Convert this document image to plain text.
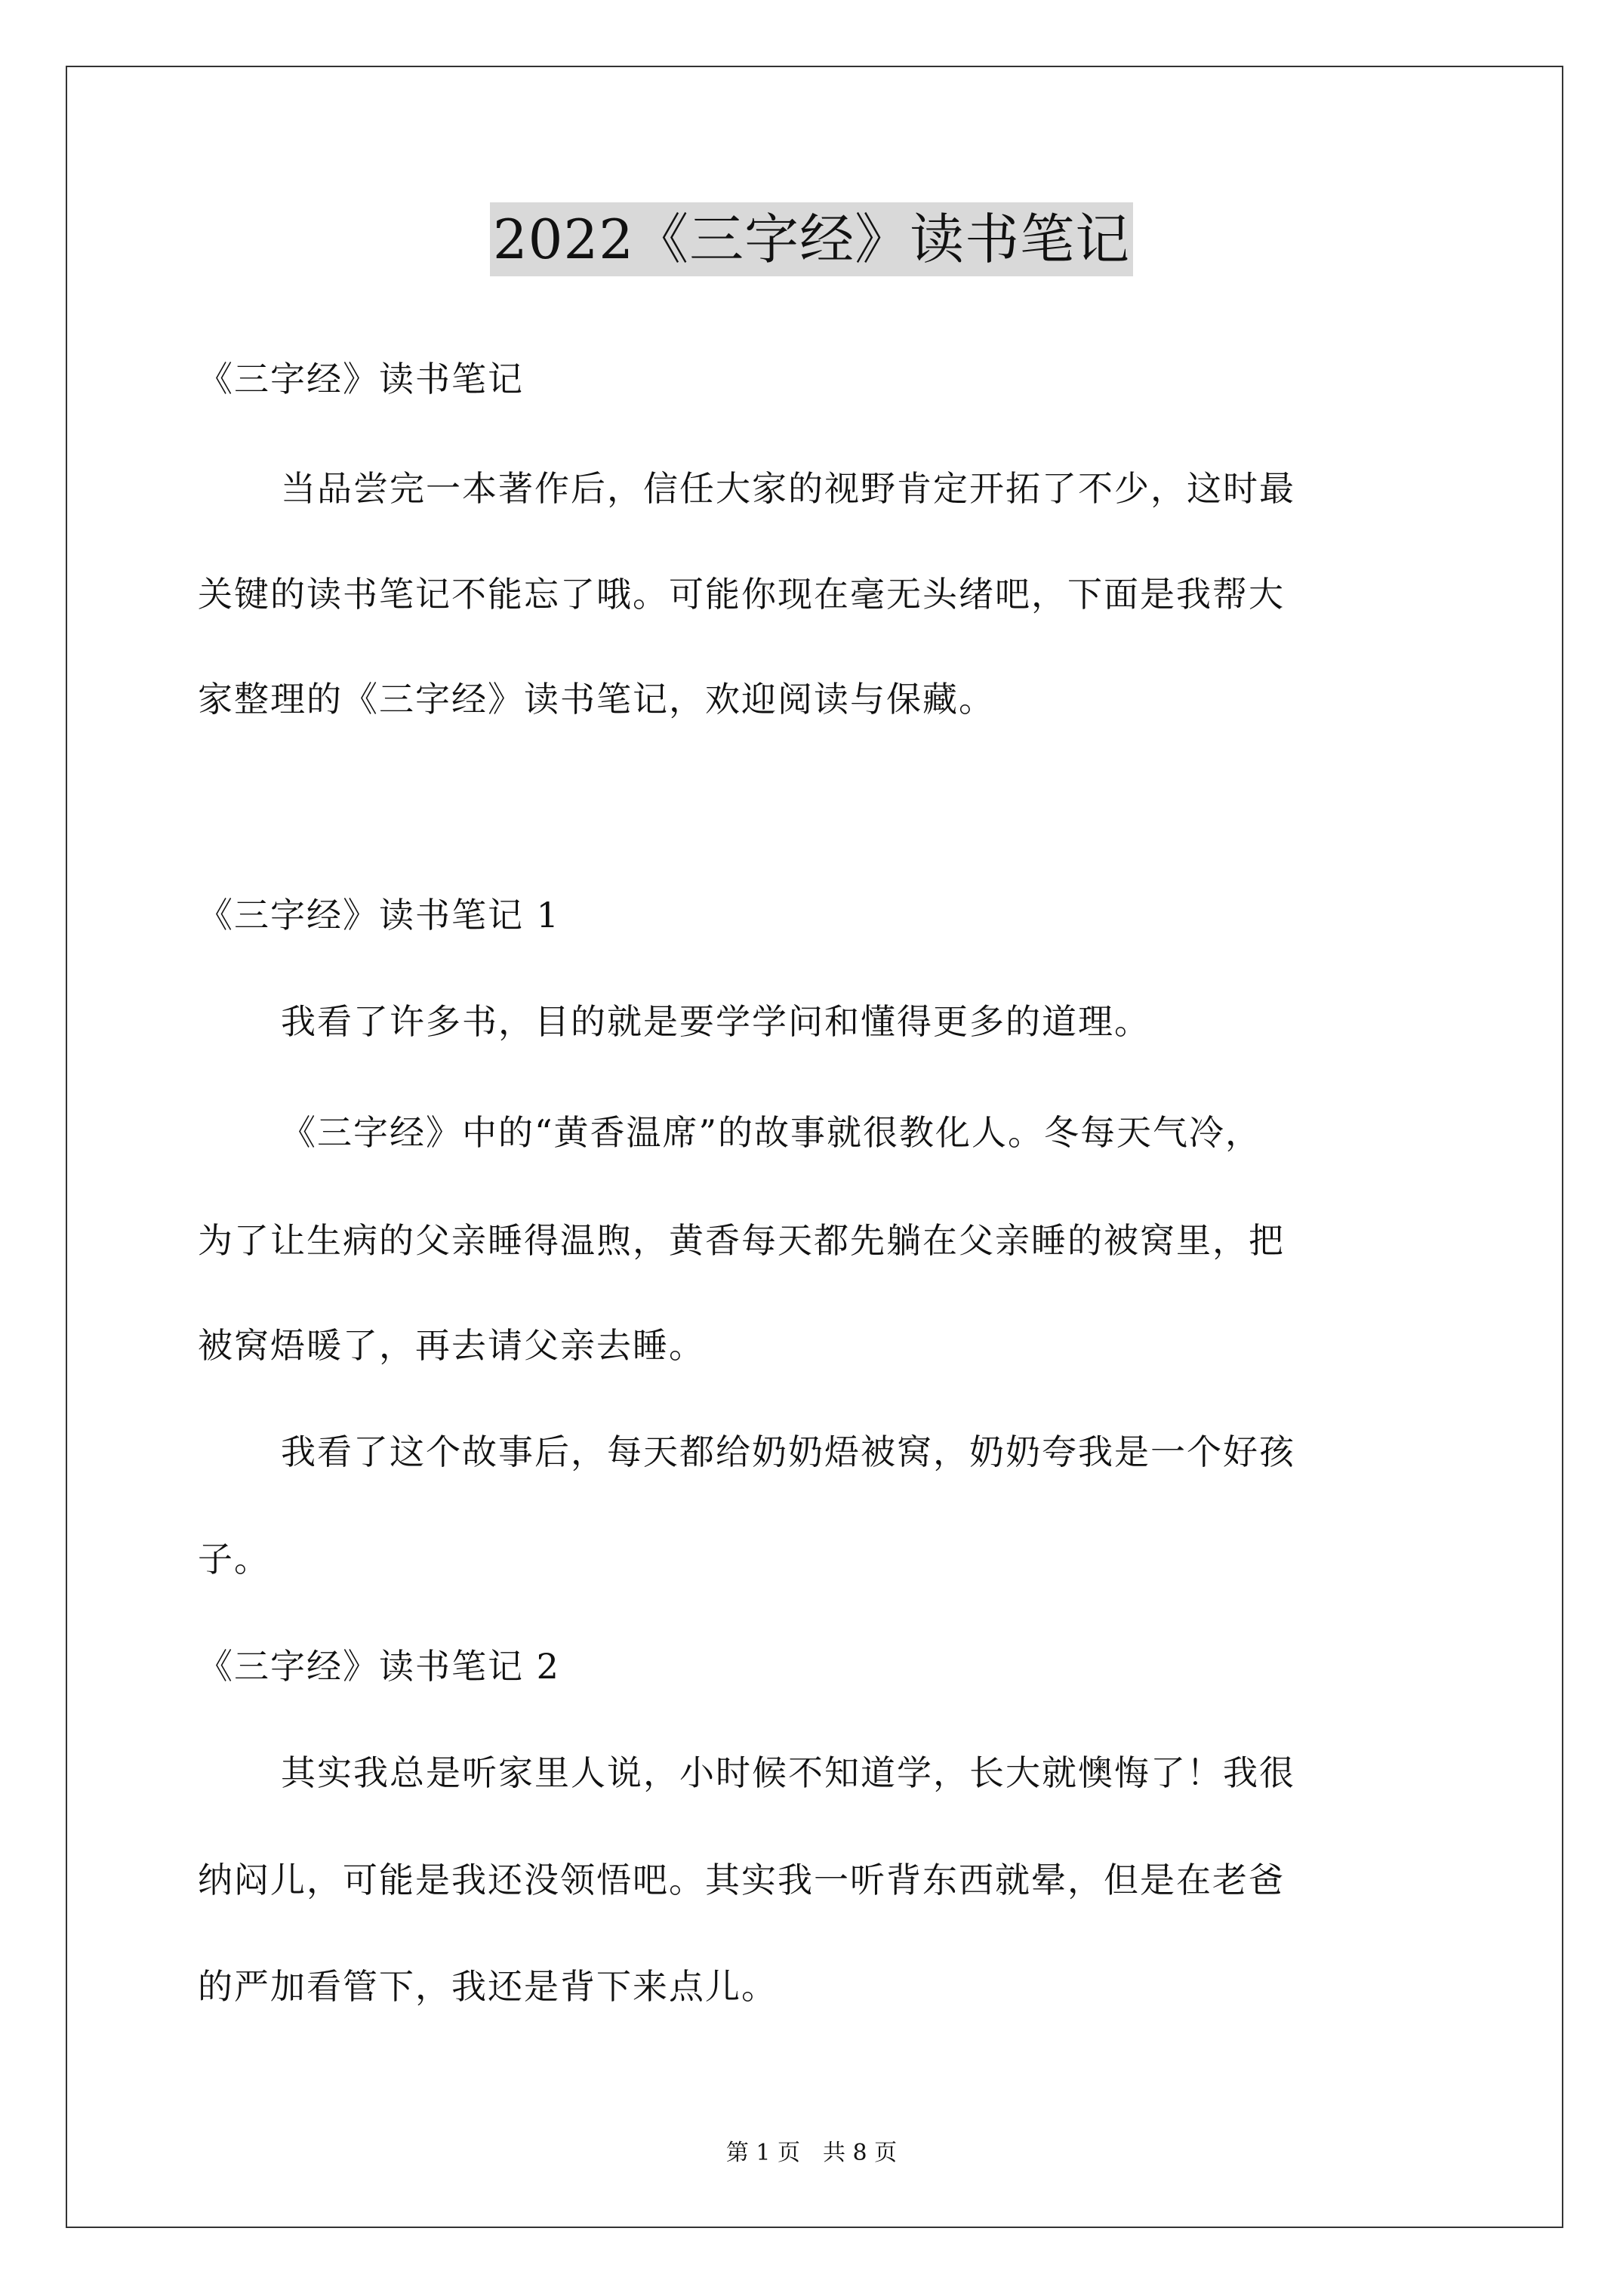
2022《三字经》读书笔记
《三字经》读书笔记
当品尝完一本著作后，信任大家的视野肯定开拓了不少，这时最
关键的读书笔记不能忘了哦。可能你现在毫无头绪吧，下面是我帮大
家整理的《三字经》读书笔记，欢迎阅读与保藏。
《三字经》读书笔记 1
我看了许多书，目的就是要学学问和懂得更多的道理。
《三字经》中的“黄香温席”的故事就很教化人。冬每天气冷，
为了让生病的父亲睡得温煦，黄香每天都先躺在父亲睡的被窝里，把
被窝焐暖了，再去请父亲去睡。
我看了这个故事后，每天都给奶奶焐被窝，奶奶夸我是一个好孩
子。
《三字经》读书笔记 2
其实我总是听家里人说，小时候不知道学，长大就懊悔了！我很
纳闷儿，可能是我还没领悟吧。其实我一听背东西就晕，但是在老爸
的严加看管下，我还是背下来点儿。
第 1 页　共 8 页
